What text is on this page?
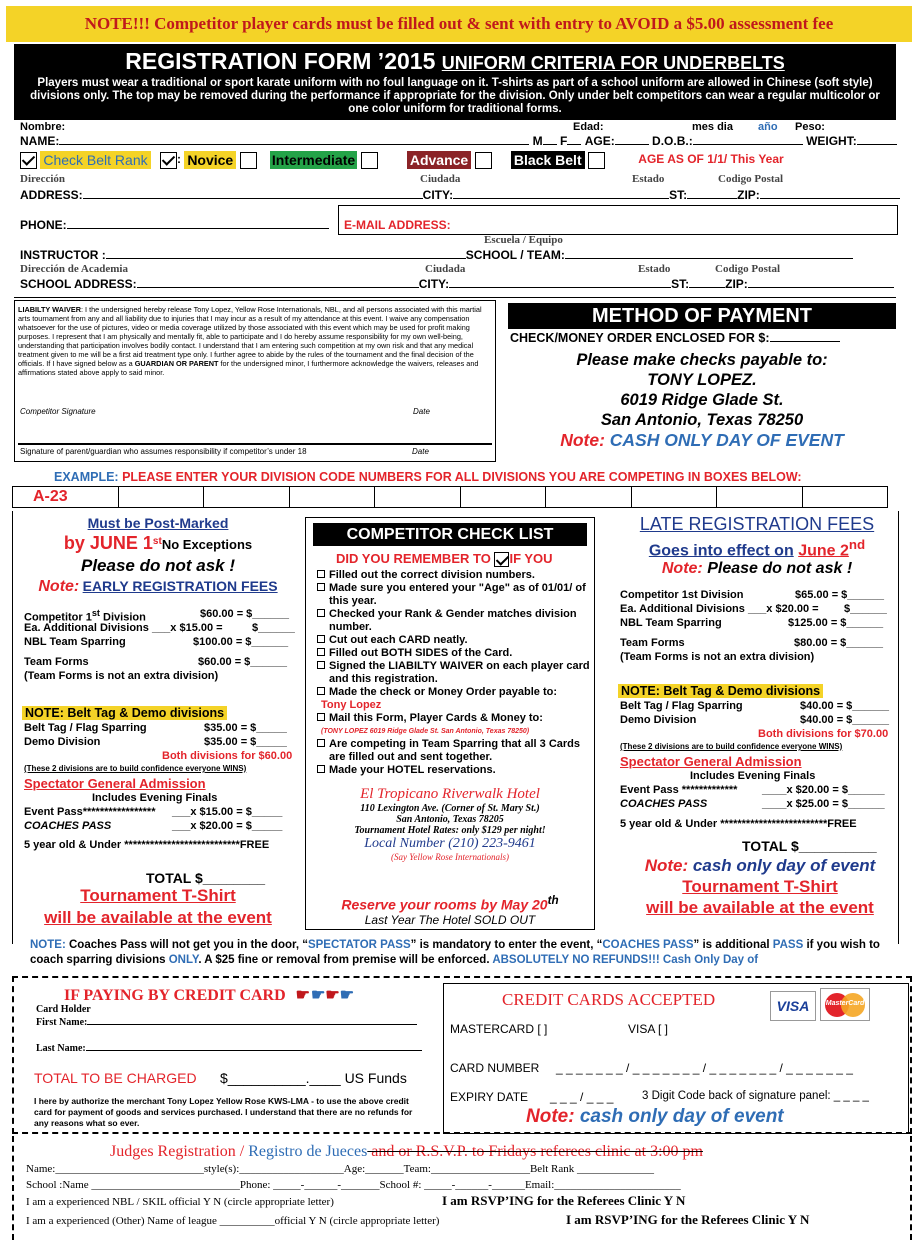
NOTE!!! Competitor player cards must be filled out & sent with entry to AVOID a $5.00 assessment fee
REGISTRATION FORM ’2015 UNIFORM CRITERIA FOR UNDERBELTS
Players must wear a traditional or sport karate uniform with no foul language on it. T-shirts as part of a school uniform are allowed in Chinese (soft style) divisions only. The top may be removed during the performance if appropriate for the division. Only under belt competitors can wear a regular multicolor or one color uniform for traditional forms.
Nombre:	Edad:	mes dia año Peso:
NAME:	M F AGE:	D.O.B.:	WEIGHT:
Check Belt Rank : Novice	Intermediate	Advance	Black Belt	AGE AS OF 1/1/ This Year
Dirección	Ciudada	Estado	Codigo Postal
ADDRESS:	CITY:	ST:	ZIP:
PHONE:	E-MAIL ADDRESS:
Escuela / Equipo
INSTRUCTOR :	SCHOOL / TEAM:
Dirección de Academia	Ciudada	Estado	Codigo Postal
SCHOOL ADDRESS:	CITY:	ST:	ZIP:
LIABILTY WAIVER: I the undersigned hereby release Tony Lopez, Yellow Rose Internationals, NBL, and all persons associated with this martial arts tournament from any and all liability due to injuries that I may incur as a result of my attendance at this event. I waive any compensation whatsoever for the use of pictures, video or media coverage utilized by those associated with this event which may be used for profit making purposes. I represent that I am physically and mentally fit, able to participate and I do hereby assume responsibility for my own well-being, understanding that participation involves bodily contact. I understand that I am entering such competition at my own risk and that any medical treatment given to me will be a first aid treatment type only. I further agree to abide by the rules of the tournament and the final decision of the officials. If I have signed below as a GUARDIAN OR PARENT for the undersigned minor, I furthermore acknowledge the waivers, releases and affirmations stated above apply to said minor.
Competitor Signature	Date
Signature of parent/guardian who assumes responsibility if competitor’s under 18	Date
METHOD OF PAYMENT
CHECK/MONEY ORDER ENCLOSED FOR $:
Please make checks payable to:
TONY LOPEZ.
6019 Ridge Glade St.
San Antonio, Texas 78250
Note: CASH ONLY DAY OF EVENT
EXAMPLE: PLEASE ENTER YOUR DIVISION CODE NUMBERS FOR ALL DIVISIONS YOU ARE COMPETING IN BOXES BELOW:
A-23
Must be Post-Marked
by JUNE 1stNo Exceptions
Please do not ask !
Note: EARLY REGISTRATION FEES
Competitor 1st Division	$60.00 = $______
Ea. Additional Divisions ___x $15.00 =	$______
NBL Team Sparring	$100.00 = $______
Team Forms	$60.00 = $______
(Team Forms is not an extra division)
NOTE: Belt Tag & Demo divisions
Belt Tag / Flag Sparring	$35.00 = $_____
Demo Division	$35.00 = $_____
Both divisions for $60.00
(These 2 divisions are to build confidence everyone WINS)
Spectator General Admission
Includes Evening Finals
Event Pass***************** ___x $15.00 = $_____
COACHES PASS	___x $20.00 = $_____
5 year old & Under ***************************FREE
TOTAL $________
Tournament T-Shirt
will be available at the event
COMPETITOR CHECK LIST
DID YOU REMEMBER TO IF YOU
Filled out the correct division numbers.
Made sure you entered your "Age" as of 01/01/ of this year.
Checked your Rank & Gender matches division number.
Cut out each CARD neatly.
Filled out BOTH SIDES of the Card.
Signed the LIABILTY WAIVER on each player card and this registration.
Made the check or Money Order payable to:
Tony Lopez
Mail this Form, Player Cards & Money to:
(TONY LOPEZ 6019 Ridge Glade St. San Antonio, Texas 78250)
Are competing in Team Sparring that all 3 Cards are filled out and sent together.
Made your HOTEL reservations.
El Tropicano Riverwalk Hotel
110 Lexington Ave. (Corner of St. Mary St.)
San Antonio, Texas 78205
Tournament Hotel Rates: only $129 per night!
Local Number (210) 223-9461
(Say Yellow Rose Internationals)
Reserve your rooms by May 20th
Last Year The Hotel SOLD OUT
LATE REGISTRATION FEES
Goes into effect on June 2nd
Note: Please do not ask !
Competitor 1st Division	$65.00 = $______
Ea. Additional Divisions ___x $20.00 = $______
NBL Team Sparring	$125.00 = $______
Team Forms	$80.00 = $______
(Team Forms is not an extra division)
NOTE: Belt Tag & Demo divisions
Belt Tag / Flag Sparring	$40.00 = $______
Demo Division	$40.00 = $______
Both divisions for $70.00
(These 2 divisions are to build confidence everyone WINS)
Spectator General Admission
Includes Evening Finals
Event Pass ************* ____x $20.00 = $______
COACHES PASS	____x $25.00 = $______
5 year old & Under *************************FREE
TOTAL $__________
Note: cash only day of event
Tournament T-Shirt
will be available at the event
NOTE: Coaches Pass will not get you in the door, “SPECTATOR PASS” is mandatory to enter the event, “COACHES PASS” is additional PASS if you wish to coach sparring divisions ONLY. A $25 fine or removal from premise will be enforced. ABSOLUTELY NO REFUNDS!!! Cash Only Day of
IF PAYING BY CREDIT CARD ☛☛☛☛
Card Holder
First Name:
Last Name:
TOTAL TO BE CHARGED $__________.____ US Funds
I here by authorize the merchant Tony Lopez Yellow Rose KWS-LMA - to use the above credit card for payment of goods and services purchased. I understand that there are no refunds for any reasons what so ever.
CREDIT CARDS ACCEPTED	VISA	MasterCard
MASTERCARD [ ]	VISA [ ]
CARD NUMBER _ _ _ _ _ _ _ / _ _ _ _ _ _ _ / _ _ _ _ _ _ _ / _ _ _ _ _ _ _
EXPIRY DATE _ _ _ / _ _ _ 3 Digit Code back of signature panel: _ _ _ _
Note: cash only day of event
Judges Registration / Registro de Jueces and or R.S.V.P. to Fridays referees clinic at 3:00 pm
Name:___________________________style(s):___________________Age:_______Team:__________________Belt Rank ______________
School :Name ___________________________Phone: _____-______-_______School #: _____-______-______Email:_______________________
I am a experienced NBL / SKIL official Y N (circle appropriate letter)	I am RSVP’ING for the Referees Clinic Y N
I am a experienced (Other) Name of league __________official Y N (circle appropriate letter)	I am RSVP’ING for the Referees Clinic Y N
